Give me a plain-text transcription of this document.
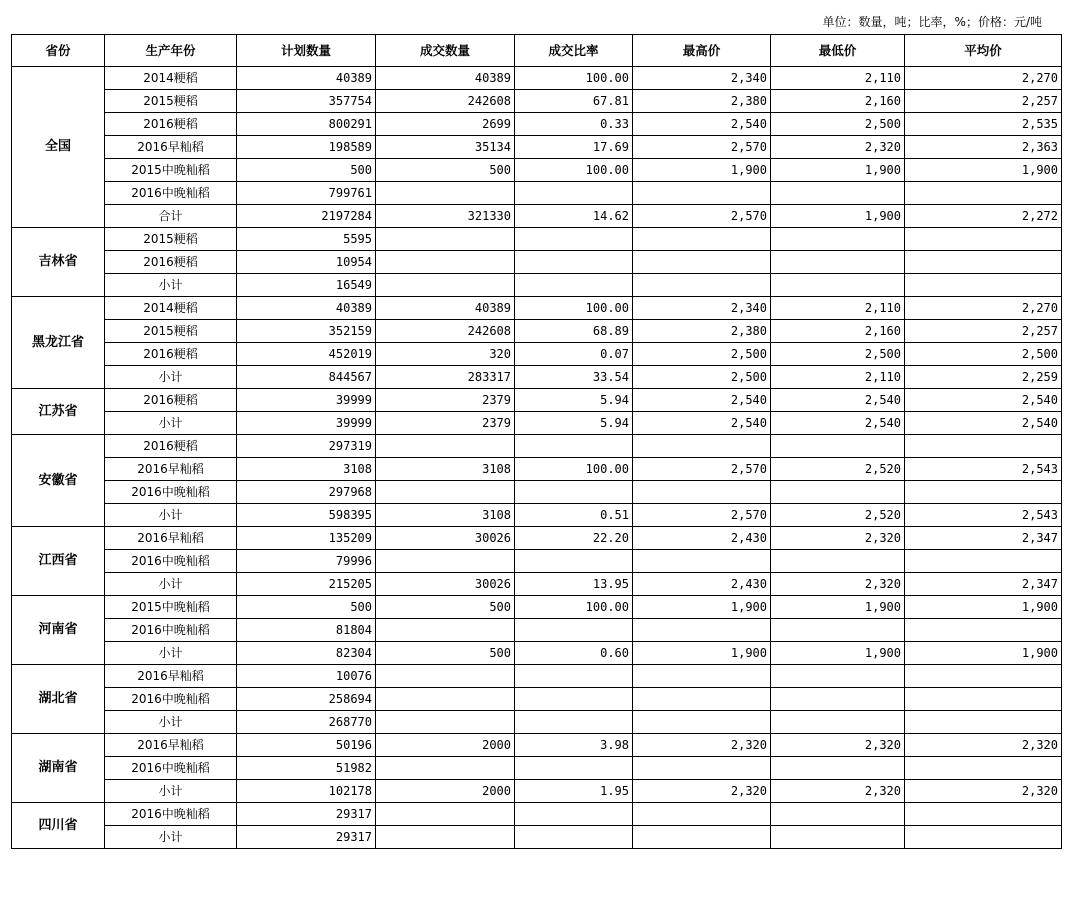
单位：数量，吨；比率，%；价格：元/吨
省份	生产年份	计划数量	成交数量	成交比率	最高价	最低价	平均价
全国	2014粳稻	40389	40389	100.00	2,340	2,110	2,270
	2015粳稻	357754	242608	67.81	2,380	2,160	2,257
	2016粳稻	800291	2699	0.33	2,540	2,500	2,535
	2016早籼稻	198589	35134	17.69	2,570	2,320	2,363
	2015中晚籼稻	500	500	100.00	1,900	1,900	1,900
	2016中晚籼稻	799761					
	合计	2197284	321330	14.62	2,570	1,900	2,272
吉林省	2015粳稻	5595					
	2016粳稻	10954					
	小计	16549					
黑龙江省	2014粳稻	40389	40389	100.00	2,340	2,110	2,270
	2015粳稻	352159	242608	68.89	2,380	2,160	2,257
	2016粳稻	452019	320	0.07	2,500	2,500	2,500
	小计	844567	283317	33.54	2,500	2,110	2,259
江苏省	2016粳稻	39999	2379	5.94	2,540	2,540	2,540
	小计	39999	2379	5.94	2,540	2,540	2,540
安徽省	2016粳稻	297319					
	2016早籼稻	3108	3108	100.00	2,570	2,520	2,543
	2016中晚籼稻	297968					
	小计	598395	3108	0.51	2,570	2,520	2,543
江西省	2016早籼稻	135209	30026	22.20	2,430	2,320	2,347
	2016中晚籼稻	79996					
	小计	215205	30026	13.95	2,430	2,320	2,347
河南省	2015中晚籼稻	500	500	100.00	1,900	1,900	1,900
	2016中晚籼稻	81804					
	小计	82304	500	0.60	1,900	1,900	1,900
湖北省	2016早籼稻	10076					
	2016中晚籼稻	258694					
	小计	268770					
湖南省	2016早籼稻	50196	2000	3.98	2,320	2,320	2,320
	2016中晚籼稻	51982					
	小计	102178	2000	1.95	2,320	2,320	2,320
四川省	2016中晚籼稻	29317					
	小计	29317					
